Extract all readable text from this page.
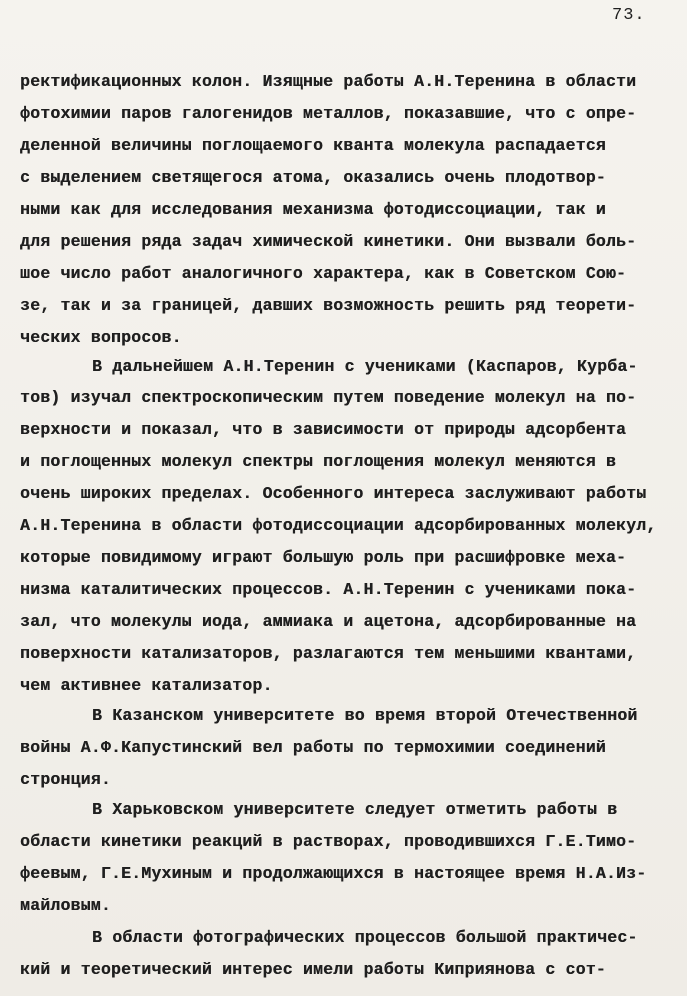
73.
ректификационных колон. Изящные работы А.Н.Теренина в области
фотохимии паров галогенидов металлов, показавшие, что с опре-
деленной величины поглощаемого кванта молекула распадается
с выделением светящегося атома, оказались очень плодотвор-
ными как для исследования механизма фотодиссоциации, так и
для решения ряда задач химической кинетики. Они вызвали боль-
шое число работ аналогичного характера, как в Советском Сою-
зе, так и за границей, давших возможность решить ряд теорети-
ческих вопросов.
В дальнейшем А.Н.Теренин с учениками (Каспаров, Курба-
тов) изучал спектроскопическим путем поведение молекул на по-
верхности и показал, что в зависимости от природы адсорбента
и поглощенных молекул спектры поглощения молекул меняются в
очень широких пределах. Особенного интереса заслуживают работы
А.Н.Теренина в области фотодиссоциации адсорбированных молекул,
которые повидимому играют большую роль при расшифровке меха-
низма каталитических процессов. А.Н.Теренин с учениками пока-
зал, что молекулы иода, аммиака и ацетона, адсорбированные на
поверхности катализаторов, разлагаются тем меньшими квантами,
чем активнее катализатор.
В Казанском университете во время второй Отечественной
войны А.Ф.Капустинский вел работы по термохимии соединений
стронция.
В Харьковском университете следует отметить работы в
области кинетики реакций в растворах, проводившихся Г.Е.Тимо-
феевым, Г.Е.Мухиным и продолжающихся в настоящее время Н.А.Из-
майловым.
В области фотографических процессов большой практичес-
кий и теоретический интерес имели работы Киприянова с сот-
